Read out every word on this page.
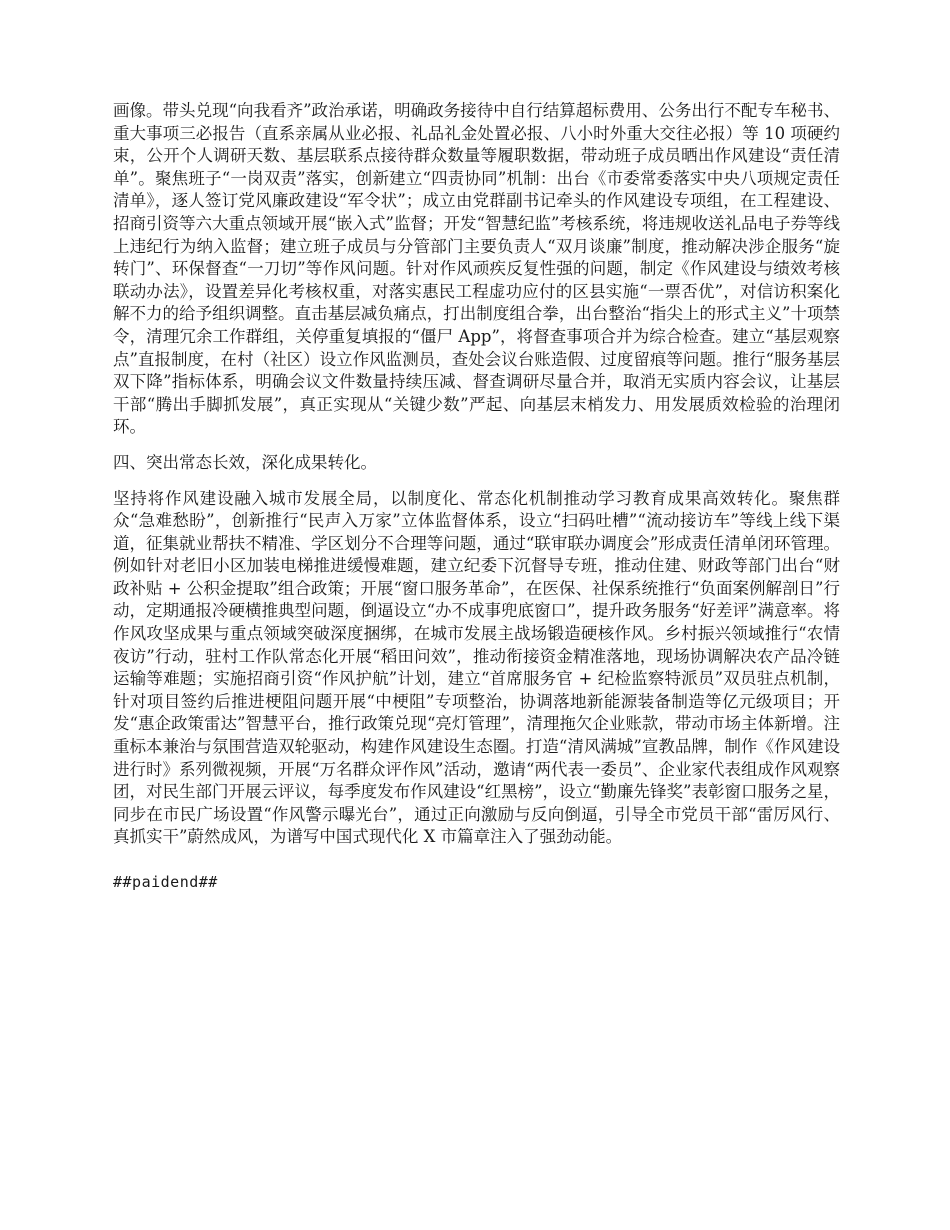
画像。带头兑现“向我看齐”政治承诺，明确政务接待中自行结算超标费用、公务出行不配专车秘书、重大事项三必报告（直系亲属从业必报、礼品礼金处置必报、八小时外重大交往必报）等 10 项硬约束，公开个人调研天数、基层联系点接待群众数量等履职数据，带动班子成员晒出作风建设“责任清单”。聚焦班子“一岗双责”落实，创新建立“四责协同”机制：出台《市委常委落实中央八项规定责任清单》，逐人签订党风廉政建设“军令状”；成立由党群副书记牵头的作风建设专项组，在工程建设、招商引资等六大重点领域开展“嵌入式”监督；开发“智慧纪监”考核系统，将违规收送礼品电子券等线上违纪行为纳入监督；建立班子成员与分管部门主要负责人“双月谈廉”制度，推动解决涉企服务“旋转门”、环保督查“一刀切”等作风问题。针对作风顽疾反复性强的问题，制定《作风建设与绩效考核联动办法》，设置差异化考核权重，对落实惠民工程虚功应付的区县实施“一票否优”，对信访积案化解不力的给予组织调整。直击基层减负痛点，打出制度组合拳，出台整治“指尖上的形式主义”十项禁令，清理冗余工作群组，关停重复填报的“僵尸 App”，将督查事项合并为综合检查。建立“基层观察点”直报制度，在村（社区）设立作风监测员，查处会议台账造假、过度留痕等问题。推行“服务基层双下降”指标体系，明确会议文件数量持续压减、督查调研尽量合并，取消无实质内容会议，让基层干部“腾出手脚抓发展”，真正实现从“关键少数”严起、向基层末梢发力、用发展质效检验的治理闭环。

四、突出常态长效，深化成果转化。

坚持将作风建设融入城市发展全局，以制度化、常态化机制推动学习教育成果高效转化。聚焦群众“急难愁盼”，创新推行“民声入万家”立体监督体系，设立“扫码吐槽”“流动接访车”等线上线下渠道，征集就业帮扶不精准、学区划分不合理等问题，通过“联审联办调度会”形成责任清单闭环管理。例如针对老旧小区加装电梯推进缓慢难题，建立纪委下沉督导专班，推动住建、财政等部门出台“财政补贴 + 公积金提取”组合政策；开展“窗口服务革命”，在医保、社保系统推行“负面案例解剖日”行动，定期通报冷硬横推典型问题，倒逼设立“办不成事兜底窗口”，提升政务服务“好差评”满意率。将作风攻坚成果与重点领域突破深度捆绑，在城市发展主战场锻造硬核作风。乡村振兴领域推行“农情夜访”行动，驻村工作队常态化开展“稻田问效”，推动衔接资金精准落地，现场协调解决农产品冷链运输等难题；实施招商引资“作风护航”计划，建立“首席服务官 + 纪检监察特派员”双员驻点机制，针对项目签约后推进梗阻问题开展“中梗阻”专项整治，协调落地新能源装备制造等亿元级项目；开发“惠企政策雷达”智慧平台，推行政策兑现“亮灯管理”，清理拖欠企业账款，带动市场主体新增。注重标本兼治与氛围营造双轮驱动，构建作风建设生态圈。打造“清风满城”宣教品牌，制作《作风建设进行时》系列微视频，开展“万名群众评作风”活动，邀请“两代表一委员”、企业家代表组成作风观察团，对民生部门开展云评议，每季度发布作风建设“红黑榜”，设立“勤廉先锋奖”表彰窗口服务之星，同步在市民广场设置“作风警示曝光台”，通过正向激励与反向倒逼，引导全市党员干部“雷厉风行、真抓实干”蔚然成风，为谱写中国式现代化 X 市篇章注入了强劲动能。

##paidend##
